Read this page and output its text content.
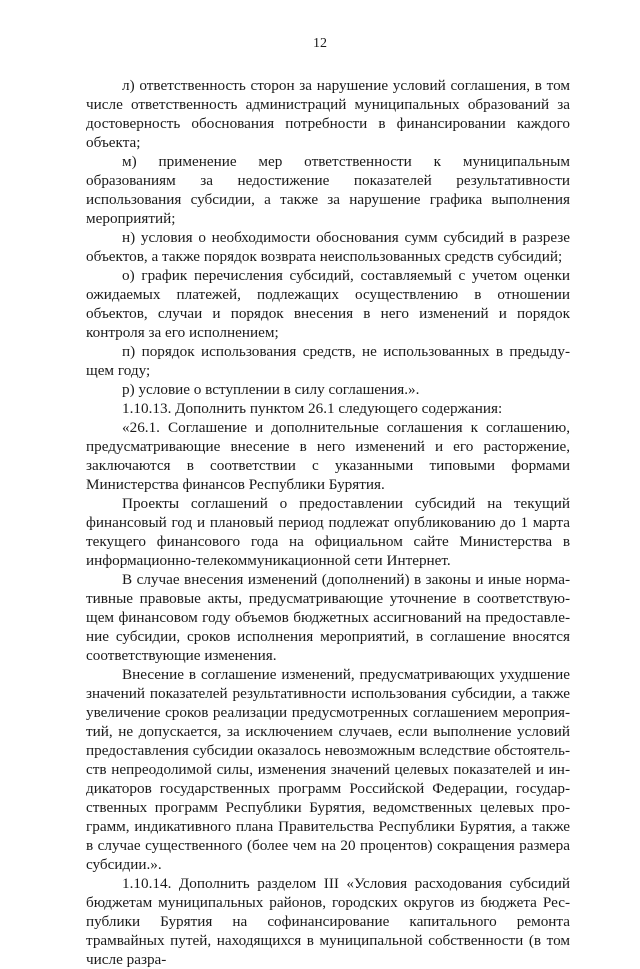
12

л) ответственность сторон за нарушение условий соглашения, в том числе ответственность администраций муниципальных образований за достоверность обоснования потребности в финансировании каждого объекта;

м) применение мер ответственности к муниципальным образованиям за недостижение показателей результативности использования субсидии, а также за нарушение графика выполнения мероприятий;

н) условия о необходимости обоснования сумм субсидий в разрезе объектов, а также порядок возврата неиспользованных средств субсидий;

о) график перечисления субсидий, составляемый с учетом оценки ожидаемых платежей, подлежащих осуществлению в отношении объектов, случаи и порядок внесения в него изменений и порядок контроля за его исполнением;

п) порядок использования средств, не использованных в предыдущем году;

р) условие о вступлении в силу соглашения.».

1.10.13. Дополнить пунктом 26.1 следующего содержания:

«26.1. Соглашение и дополнительные соглашения к соглашению, предусматривающие внесение в него изменений и его расторжение, заключаются в соответствии с указанными типовыми формами Министерства финансов Республики Бурятия.

Проекты соглашений о предоставлении субсидий на текущий финансовый год и плановый период подлежат опубликованию до 1 марта текущего финансового года на официальном сайте Министерства в информационно-телекоммуникационной сети Интернет.

В случае внесения изменений (дополнений) в законы и иные нормативные правовые акты, предусматривающие уточнение в соответствующем финансовом году объемов бюджетных ассигнований на предоставление субсидии, сроков исполнения мероприятий, в соглашение вносятся соответствующие изменения.

Внесение в соглашение изменений, предусматривающих ухудшение значений показателей результативности использования субсидии, а также увеличение сроков реализации предусмотренных соглашением мероприятий, не допускается, за исключением случаев, если выполнение условий предоставления субсидии оказалось невозможным вследствие обстоятельств непреодолимой силы, изменения значений целевых показателей и индикаторов государственных программ Российской Федерации, государственных программ Республики Бурятия, ведомственных целевых программ, индикативного плана Правительства Республики Бурятия, а также в случае существенного (более чем на 20 процентов) сокращения размера субсидии.».

1.10.14. Дополнить разделом III «Условия расходования субсидий бюджетам муниципальных районов, городских округов из бюджета Республики Бурятия на софинансирование капитального ремонта трамвайных путей, находящихся в муниципальной собственности (в том числе разра-
